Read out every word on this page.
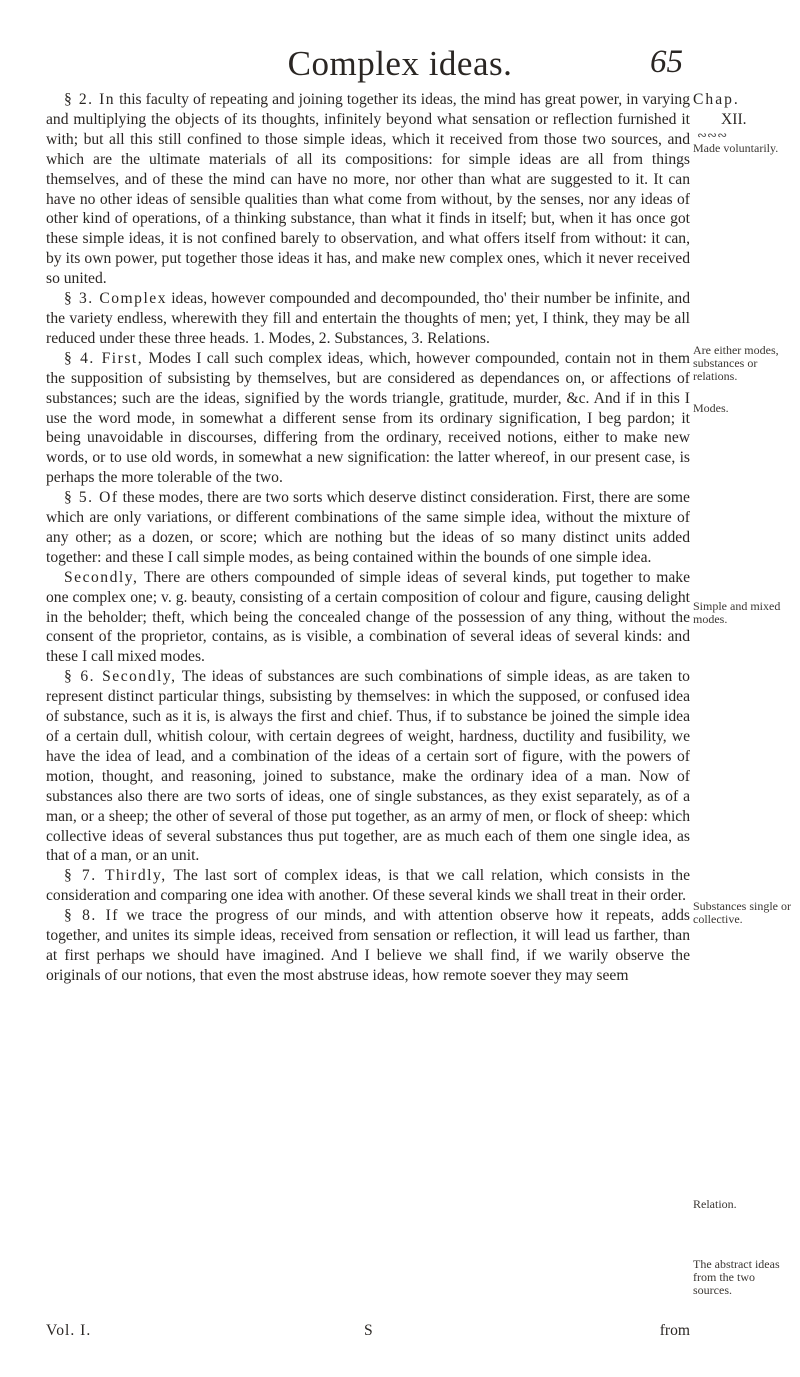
Complex ideas.	65

§ 2. In this faculty of repeating and joining together its ideas, the mind has great power, in varying and multiplying the objects of its thoughts, infinitely beyond what sensation or reflection furnished it with; but all this still confined to those simple ideas, which it received from those two sources, and which are the ultimate materials of all its compositions: for simple ideas are all from things themselves, and of these the mind can have no more, nor other than what are suggested to it. It can have no other ideas of sensible qualities than what come from without, by the senses, nor any ideas of other kind of operations, of a thinking substance, than what it finds in itself; but, when it has once got these simple ideas, it is not confined barely to observation, and what offers itself from without: it can, by its own power, put together those ideas it has, and make new complex ones, which it never received so united.

§ 3. Complex ideas, however compounded and decompounded, tho' their number be infinite, and the variety endless, wherewith they fill and entertain the thoughts of men; yet, I think, they may be all reduced under these three heads. 1. Modes, 2. Substances, 3. Relations.

§ 4. First, Modes I call such complex ideas, which, however compounded, contain not in them the supposition of subsisting by themselves, but are considered as dependances on, or affections of substances; such are the ideas, signified by the words triangle, gratitude, murder, &c. And if in this I use the word mode, in somewhat a different sense from its ordinary signification, I beg pardon; it being unavoidable in discourses, differing from the ordinary, received notions, either to make new words, or to use old words, in somewhat a new signification: the latter whereof, in our present case, is perhaps the more tolerable of the two.

§ 5. Of these modes, there are two sorts which deserve distinct consideration. First, there are some which are only variations, or different combinations of the same simple idea, without the mixture of any other; as a dozen, or score; which are nothing but the ideas of so many distinct units added together: and these I call simple modes, as being contained within the bounds of one simple idea.

Secondly, There are others compounded of simple ideas of several kinds, put together to make one complex one; v. g. beauty, consisting of a certain composition of colour and figure, causing delight in the beholder; theft, which being the concealed change of the possession of any thing, without the consent of the proprietor, contains, as is visible, a combination of several ideas of several kinds: and these I call mixed modes.

§ 6. Secondly, The ideas of substances are such combinations of simple ideas, as are taken to represent distinct particular things, subsisting by themselves: in which the supposed, or confused idea of substance, such as it is, is always the first and chief. Thus, if to substance be joined the simple idea of a certain dull, whitish colour, with certain degrees of weight, hardness, ductility and fusibility, we have the idea of lead, and a combination of the ideas of a certain sort of figure, with the powers of motion, thought, and reasoning, joined to substance, make the ordinary idea of a man. Now of substances also there are two sorts of ideas, one of single substances, as they exist separately, as of a man, or a sheep; the other of several of those put together, as an army of men, or flock of sheep: which collective ideas of several substances thus put together, are as much each of them one single idea, as that of a man, or an unit.

§ 7. Thirdly, The last sort of complex ideas, is that we call relation, which consists in the consideration and comparing one idea with another. Of these several kinds we shall treat in their order.

§ 8. If we trace the progress of our minds, and with attention observe how it repeats, adds together, and unites its simple ideas, received from sensation or reflection, it will lead us farther, than at first perhaps we should have imagined. And I believe we shall find, if we warily observe the originals of our notions, that even the most abstruse ideas, how remote soever they may seem

Chap.
XII.
∾∾∾
Made voluntarily.
Are either modes, substances or relations.
Modes.
Simple and mixed modes.
Substances single or collective.
Relation.
The abstract ideas from the two sources.
Vol. I.	S	from
